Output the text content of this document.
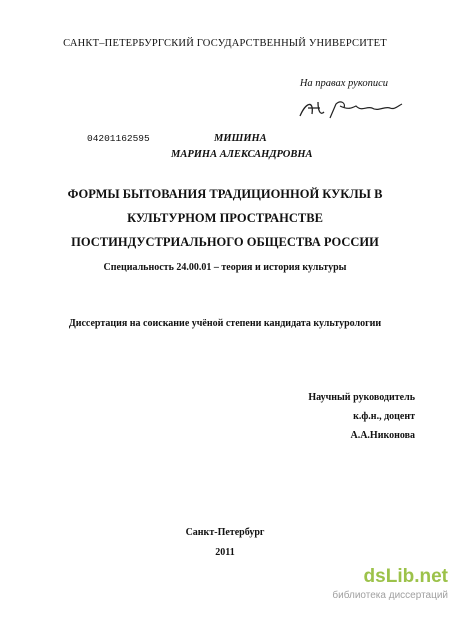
САНКТ–ПЕТЕРБУРГСКИЙ ГОСУДАРСТВЕННЫЙ УНИВЕРСИТЕТ
На правах рукописи
04201162595	МИШИНА
МАРИНА АЛЕКСАНДРОВНА
ФОРМЫ БЫТОВАНИЯ ТРАДИЦИОННОЙ КУКЛЫ В
КУЛЬТУРНОМ ПРОСТРАНСТВЕ
ПОСТИНДУСТРИАЛЬНОГО ОБЩЕСТВА РОССИИ
Специальность 24.00.01 – теория и история культуры
Диссертация на соискание учёной степени кандидата культурологии
Научный руководитель
к.ф.н., доцент
А.А.Никонова
Санкт-Петербург
2011
dsLib.net
библиотека диссертаций
